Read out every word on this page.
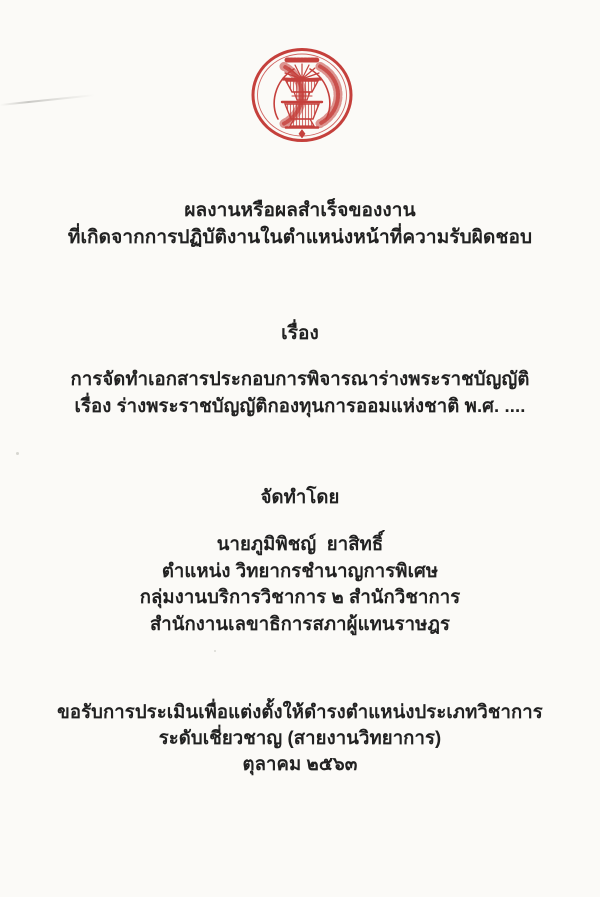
ผลงานหรือผลสำเร็จของงาน
ที่เกิดจากการปฏิบัติงานในตำแหน่งหน้าที่ความรับผิดชอบ
เรื่อง
การจัดทำเอกสารประกอบการพิจารณาร่างพระราชบัญญัติ
เรื่อง ร่างพระราชบัญญัติกองทุนการออมแห่งชาติ พ.ศ. ....
จัดทำโดย
นายภูมิพิชญ์  ยาสิทธิ์
ตำแหน่ง วิทยากรชำนาญการพิเศษ
กลุ่มงานบริการวิชาการ ๒ สำนักวิชาการ
สำนักงานเลขาธิการสภาผู้แทนราษฎร
ขอรับการประเมินเพื่อแต่งตั้งให้ดำรงตำแหน่งประเภทวิชาการ
ระดับเชี่ยวชาญ (สายงานวิทยาการ)
ตุลาคม ๒๕๖๓
